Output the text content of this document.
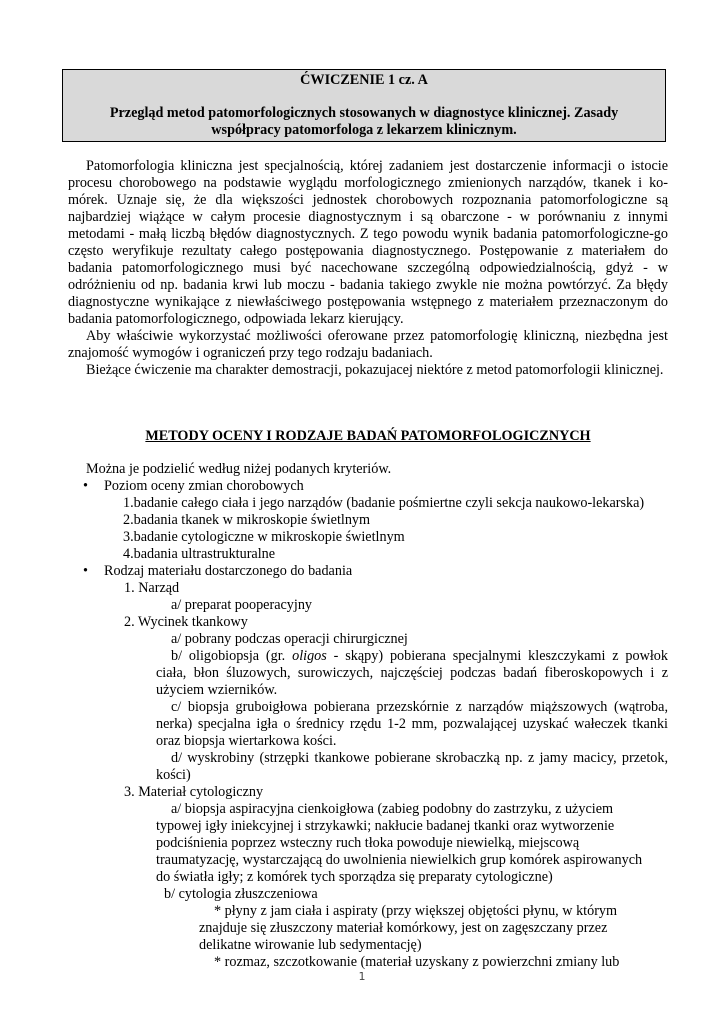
ĆWICZENIE 1 cz. A
Przegląd metod patomorfologicznych stosowanych w diagnostyce klinicznej. Zasady współpracy patomorfologa z lekarzem klinicznym.

Patomorfologia kliniczna jest specjalnością, której zadaniem jest dostarczenie informacji o istocie procesu chorobowego na podstawie wyglądu morfologicznego zmienionych narządów, tkanek i ko-mórek. Uznaje się, że dla większości jednostek chorobowych rozpoznania patomorfologiczne są najbardziej wiążące w całym procesie diagnostycznym i są obarczone - w porównaniu z innymi metodami - małą liczbą błędów diagnostycznych. Z tego powodu wynik badania patomorfologiczne-go często weryfikuje rezultaty całego postępowania diagnostycznego. Postępowanie z materiałem do badania patomorfologicznego musi być nacechowane szczególną odpowiedzialnością, gdyż - w odróżnieniu od np. badania krwi lub moczu - badania takiego zwykle nie można powtórzyć. Za błędy diagnostyczne wynikające z niewłaściwego postępowania wstępnego z materiałem przeznaczonym do badania patomorfologicznego, odpowiada lekarz kierujący.

Aby właściwie wykorzystać możliwości oferowane przez patomorfologię kliniczną, niezbędna jest znajomość wymogów i ograniczeń przy tego rodzaju badaniach.

Bieżące ćwiczenie ma charakter demostracji, pokazujacej niektóre z metod patomorfologii klinicznej.

METODY OCENY I RODZAJE BADAŃ PATOMORFOLOGICZNYCH
Można je podzielić według niżej podanych kryteriów.
• Poziom oceny zmian chorobowych
1.badanie całego ciała i jego narządów (badanie pośmiertne czyli sekcja naukowo-lekarska)
2.badania tkanek w mikroskopie świetlnym
3.badanie cytologiczne w mikroskopie świetlnym
4.badania ultrastrukturalne
• Rodzaj materiału dostarczonego do badania
1. Narząd
a/ preparat pooperacyjny
2. Wycinek tkankowy
a/ pobrany podczas operacji chirurgicznej
b/ oligobiopsja (gr. oligos - skąpy) pobierana specjalnymi kleszczykami z powłok ciała, błon śluzowych, surowiczych, najczęściej podczas badań fiberoskopowych i z użyciem wzierników.
c/ biopsja gruboigłowa pobierana przezskórnie z narządów miąższowych (wątroba, nerka) specjalna igła o średnicy rzędu 1-2 mm, pozwalającej uzyskać wałeczek tkanki oraz biopsja wiertarkowa kości.
d/ wyskrobiny (strzępki tkankowe pobierane skrobaczką np. z jamy macicy, przetok, kości)
3. Materiał cytologiczny
a/ biopsja aspiracyjna cienkoigłowa (zabieg podobny do zastrzyku, z użyciem
typowej igły iniekcyjnej i strzykawki; nakłucie badanej tkanki oraz wytworzenie
podciśnienia poprzez wsteczny ruch tłoka powoduje niewielką, miejscową
traumatyzację, wystarczającą do uwolnienia niewielkich grup komórek aspirowanych
do światła igły; z komórek tych sporządza się preparaty cytologiczne)
b/ cytologia złuszczeniowa
* płyny z jam ciała i aspiraty (przy większej objętości płynu, w którym
znajduje się złuszczony materiał komórkowy, jest on zagęszczany przez
delikatne wirowanie lub sedymentację)
* rozmaz, szczotkowanie (materiał uzyskany z powierzchni zmiany lub
1
